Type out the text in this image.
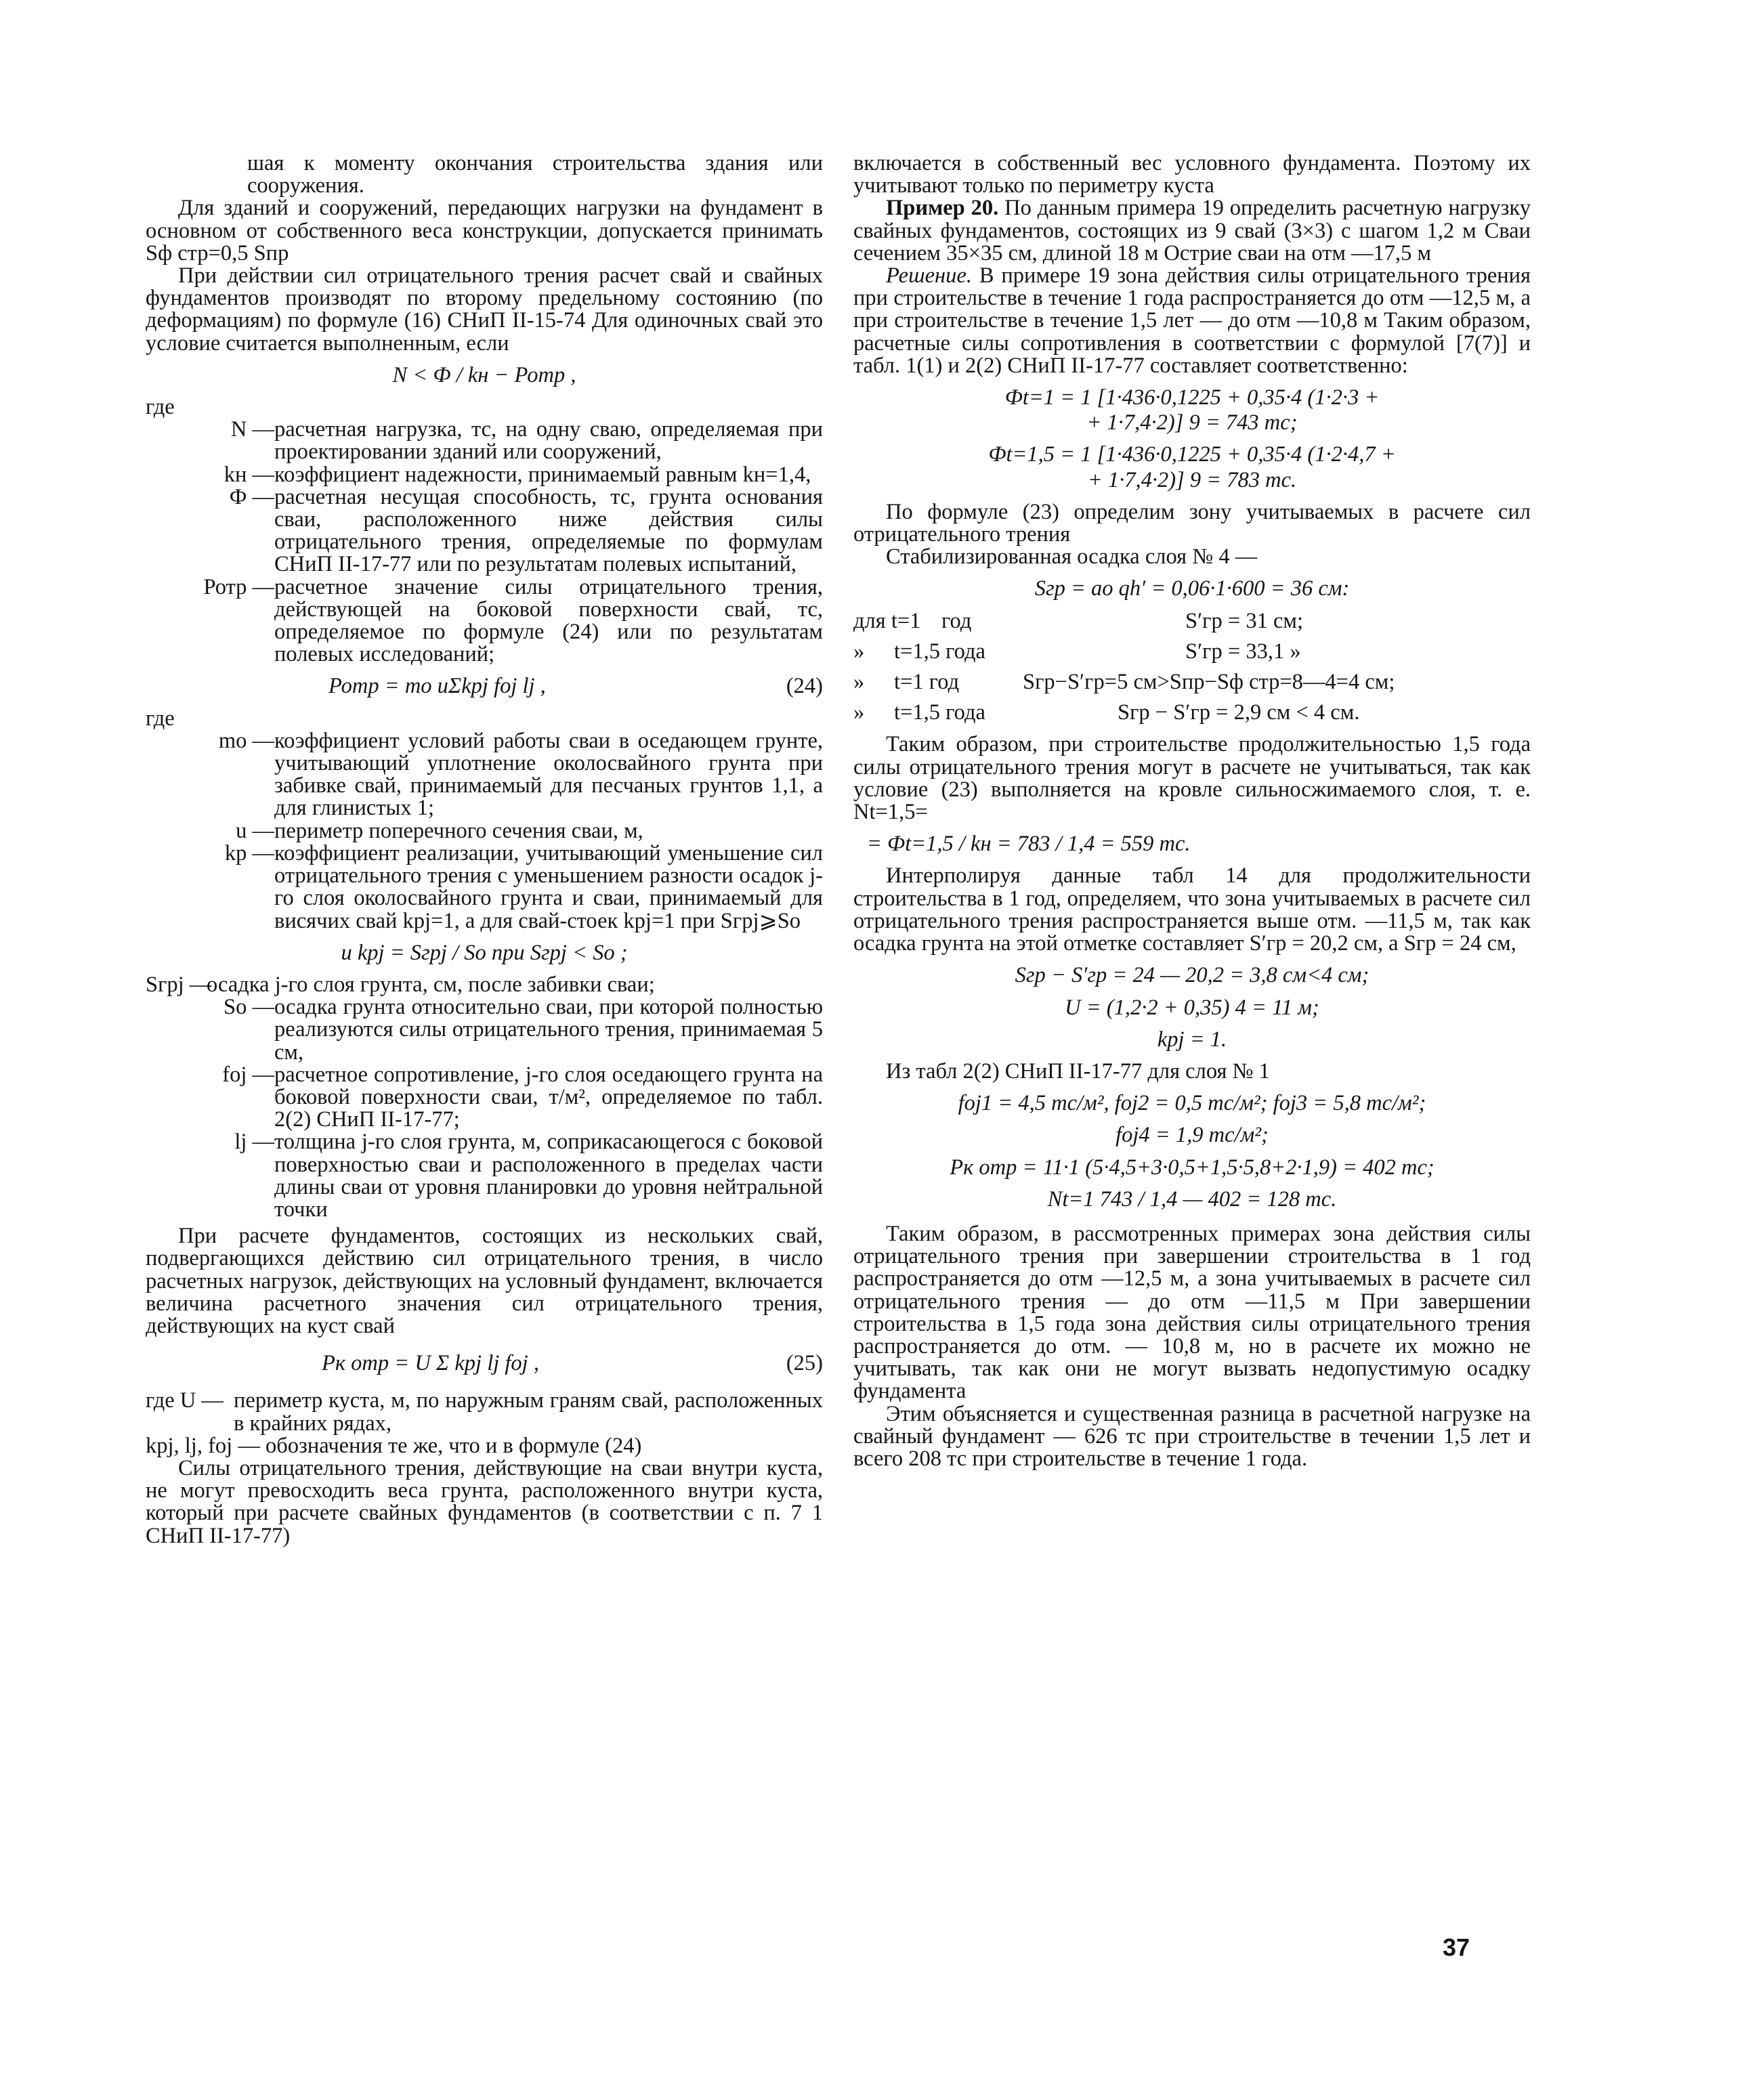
шая к моменту окончания строительства здания или сооружения.

Для зданий и сооружений, передающих нагрузки на фундамент в основном от собственного веса конструкции, допускается принимать Sф стр=0,5 Sпр

При действии сил отрицательного трения расчет свай и свайных фундаментов производят по второму предельному состоянию (по деформациям) по формуле (16) СНиП II-15-74 Для одиночных свай это условие считается выполненным, если

N < Ф / kн − Ротр ,

где

N — расчетная нагрузка, тс, на одну сваю, определяемая при проектировании зданий или сооружений,
kн — коэффициент надежности, принимаемый равным kн=1,4,
Ф — расчетная несущая способность, тс, грунта основания сваи, расположенного ниже действия силы отрицательного трения, определяемые по формулам СНиП II-17-77 или по результатам полевых испытаний,
Ротр — расчетное значение силы отрицательного трения, действующей на боковой поверхности свай, тс, определяемое по формуле (24) или по результатам полевых исследований;
Ротр = mо uΣkpj fоj lj ,	(24)

где

mо — коэффициент условий работы сваи в оседающем грунте, учитывающий уплотнение околосвайного грунта при забивке свай, принимаемый для песчаных грунтов 1,1, а для глинистых 1;
u — периметр поперечного сечения сваи, м,
kр — коэффициент реализации, учитывающий уменьшение сил отрицательного трения с уменьшением разности осадок j-го слоя околосвайного грунта и сваи, принимаемый для висячих свай kрj=1, а для свай-стоек kрj=1 при Sгрj⩾So
и kрj = Sгрj / So при Sгрj < So ;
Sгрj —
осадка j-го слоя грунта, см, после забивки сваи;
So — осадка грунта относительно сваи, при которой полностью реализуются силы отрицательного трения, принимаемая 5 см,
fоj — расчетное сопротивление, j-го слоя оседающего грунта на боковой поверхности сваи, т/м², определяемое по табл. 2(2) СНиП II-17-77;
lj — толщина j-го слоя грунта, м, соприкасающегося с боковой поверхностью сваи и расположенного в пределах части длины сваи от уровня планировки до уровня нейтральной точки

При расчете фундаментов, состоящих из нескольких свай, подвергающихся действию сил отрицательного трения, в число расчетных нагрузок, действующих на условный фундамент, включается величина расчетного значения сил отрицательного трения, действующих на куст свай

Рк отр = U Σ kpj lj fоj ,	(25)
где U — периметр куста, м, по наружным граням свай, расположенных в крайних рядах,

kpj, lj, fоj — обозначения те же, что и в формуле (24)

Силы отрицательного трения, действующие на сваи внутри куста, не могут превосходить веса грунта, расположенного внутри куста, который при расчете свайных фундаментов (в соответствии с п. 7 1 СНиП II-17-77)

включается в собственный вес условного фундамента. Поэтому их учитывают только по периметру куста

Пример 20. По данным примера 19 определить расчетную нагрузку свайных фундаментов, состоящих из 9 свай (3×3) с шагом 1,2 м Сваи сечением 35×35 см, длиной 18 м Острие сваи на отм —17,5 м

Решение. В примере 19 зона действия силы отрицательного трения при строительстве в течение 1 года распространяется до отм —12,5 м, а при строительстве в течение 1,5 лет — до отм —10,8 м Таким образом, расчетные силы сопротивления в соответствии с формулой [7(7)] и табл. 1(1) и 2(2) СНиП II-17-77 составляет соответственно:

Фt=1 = 1 [1·436·0,1225 + 0,35·4 (1·2·3 +
+ 1·7,4·2)] 9 = 743 тс;
Фt=1,5 = 1 [1·436·0,1225 + 0,35·4 (1·2·4,7 +
+ 1·7,4·2)] 9 = 783 тс.

По формуле (23) определим зону учитываемых в расчете сил отрицательного трения

Стабилизированная осадка слоя № 4 —

Sгр = ao qh′ = 0,06·1·600 = 36 см:
для t=1 год	S′гр = 31 см;
»	t=1,5 года	S′гр = 33,1 »
»	t=1 год	Sгр−S′гр=5 см>Sпр−Sф стр=8—4=4 см;
»	t=1,5 года	Sгр − S′гр = 2,9 см < 4 см.

Таким образом, при строительстве продолжительностью 1,5 года силы отрицательного трения могут в расчете не учитываться, так как условие (23) выполняется на кровле сильносжимаемого слоя, т. е. Nt=1,5=

= Фt=1,5 / kн = 783 / 1,4 = 559 тс.

Интерполируя данные табл 14 для продолжительности строительства в 1 год, определяем, что зона учитываемых в расчете сил отрицательного трения распространяется выше отм. —11,5 м, так как осадка грунта на этой отметке составляет S′гр = 20,2 см, а Sгр = 24 см,

Sгр − S′гр = 24 — 20,2 = 3,8 см<4 см;
U = (1,2·2 + 0,35) 4 = 11 м;
kpj = 1.

Из табл 2(2) СНиП II-17-77 для слоя № 1

fоj1 = 4,5 тс/м², fоj2 = 0,5 тс/м²; fоj3 = 5,8 тс/м²;
fоj4 = 1,9 тс/м²;
Рк отр = 11·1 (5·4,5+3·0,5+1,5·5,8+2·1,9) = 402 тс;
Nt=1 743 / 1,4 — 402 = 128 тс.

Таким образом, в рассмотренных примерах зона действия силы отрицательного трения при завершении строительства в 1 год распространяется до отм —12,5 м, а зона учитываемых в расчете сил отрицательного трения — до отм —11,5 м При завершении строительства в 1,5 года зона действия силы отрицательного трения распространяется до отм. — 10,8 м, но в расчете их можно не учитывать, так как они не могут вызвать недопустимую осадку фундамента

Этим объясняется и существенная разница в расчетной нагрузке на свайный фундамент — 626 тс при строительстве в течении 1,5 лет и всего 208 тс при строительстве в течение 1 года.

37
